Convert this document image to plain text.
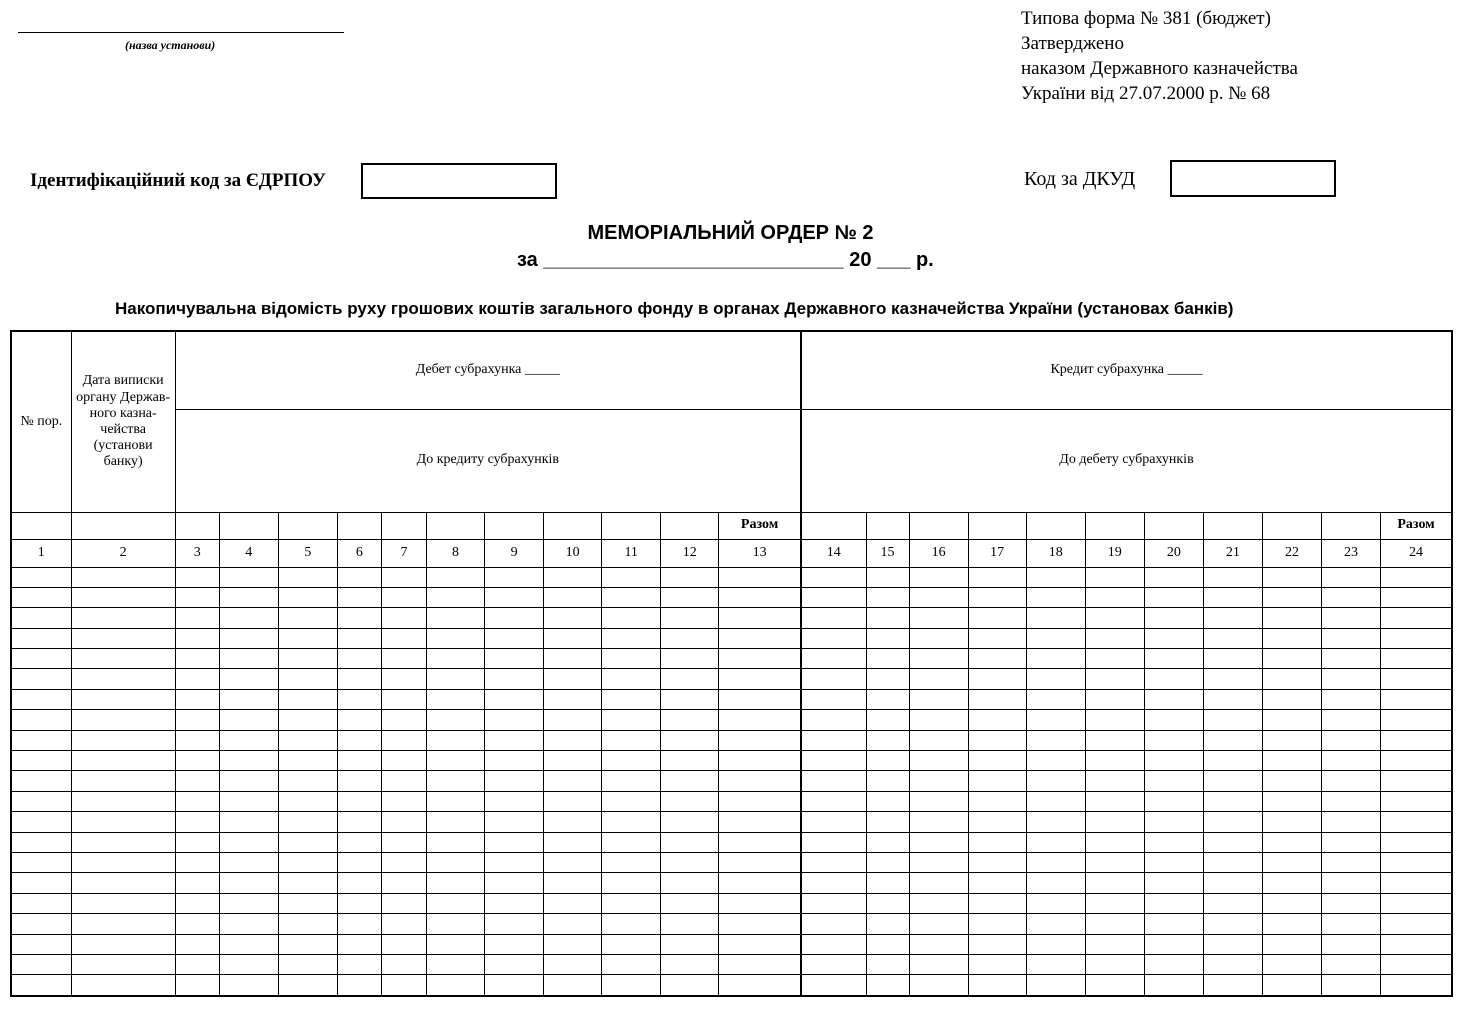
(назва установи)
Типова форма № 381 (бюджет)
Затверджено
наказом Державного казначейства
України від 27.07.2000 р. № 68
Ідентифікаційний код за ЄДРПОУ	Код за ДКУД
МЕМОРІАЛЬНИЙ ОРДЕР № 2
за ___________________________ 20 ___ р.
Накопичувальна відомість руху грошових коштів загального фонду в органах Державного казначейства України (установах банків)
№ пор.	Дата виписки органу Держав-ного казна-чейства (установи банку)	Дебет субрахунка _____											Кредит субрахунка _____										
		До кредиту субрахунків											До дебету субрахунків										
												Разом											Разом
1	2	3	4	5	6	7	8	9	10	11	12	13	14	15	16	17	18	19	20	21	22	23	24
